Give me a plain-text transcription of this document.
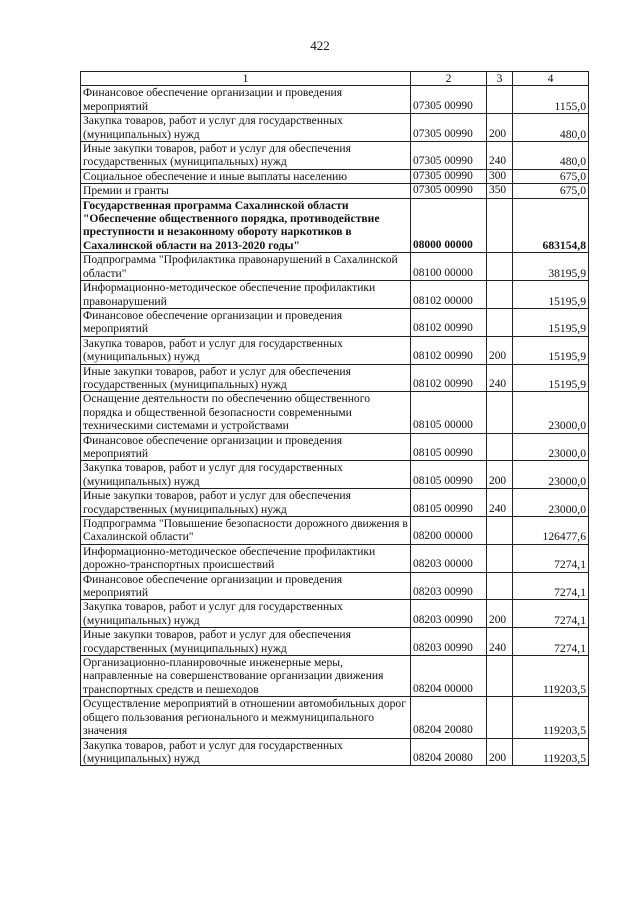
422
1	2	3	4
Финансовое обеспечение организации и проведения мероприятий	07305 00990		1155,0
Закупка товаров, работ и услуг для государственных (муниципальных) нужд	07305 00990	200	480,0
Иные закупки товаров, работ и услуг для обеспечения государственных (муниципальных) нужд	07305 00990	240	480,0
Социальное обеспечение и иные выплаты населению	07305 00990	300	675,0
Премии и гранты	07305 00990	350	675,0
Государственная программа Сахалинской области "Обеспечение общественного порядка, противодействие преступности и незаконному обороту наркотиков в Сахалинской области на 2013-2020 годы"	08000 00000		683154,8
Подпрограмма "Профилактика правонарушений в Сахалинской области"	08100 00000		38195,9
Информационно-методическое обеспечение профилактики правонарушений	08102 00000		15195,9
Финансовое обеспечение организации и проведения мероприятий	08102 00990		15195,9
Закупка товаров, работ и услуг для государственных (муниципальных) нужд	08102 00990	200	15195,9
Иные закупки товаров, работ и услуг для обеспечения государственных (муниципальных) нужд	08102 00990	240	15195,9
Оснащение деятельности по обеспечению общественного порядка и общественной безопасности современными техническими системами и устройствами	08105 00000		23000,0
Финансовое обеспечение организации и проведения мероприятий	08105 00990		23000,0
Закупка товаров, работ и услуг для государственных (муниципальных) нужд	08105 00990	200	23000,0
Иные закупки товаров, работ и услуг для обеспечения государственных (муниципальных) нужд	08105 00990	240	23000,0
Подпрограмма "Повышение безопасности дорожного движения в Сахалинской области"	08200 00000		126477,6
Информационно-методическое обеспечение профилактики дорожно-транспортных происшествий	08203 00000		7274,1
Финансовое обеспечение организации и проведения мероприятий	08203 00990		7274,1
Закупка товаров, работ и услуг для государственных (муниципальных) нужд	08203 00990	200	7274,1
Иные закупки товаров, работ и услуг для обеспечения государственных (муниципальных) нужд	08203 00990	240	7274,1
Организационно-планировочные инженерные меры, направленные на совершенствование организации движения транспортных средств и пешеходов	08204 00000		119203,5
Осуществление мероприятий в отношении автомобильных дорог общего пользования регионального и межмуниципального значения	08204 20080		119203,5
Закупка товаров, работ и услуг для государственных (муниципальных) нужд	08204 20080	200	119203,5
